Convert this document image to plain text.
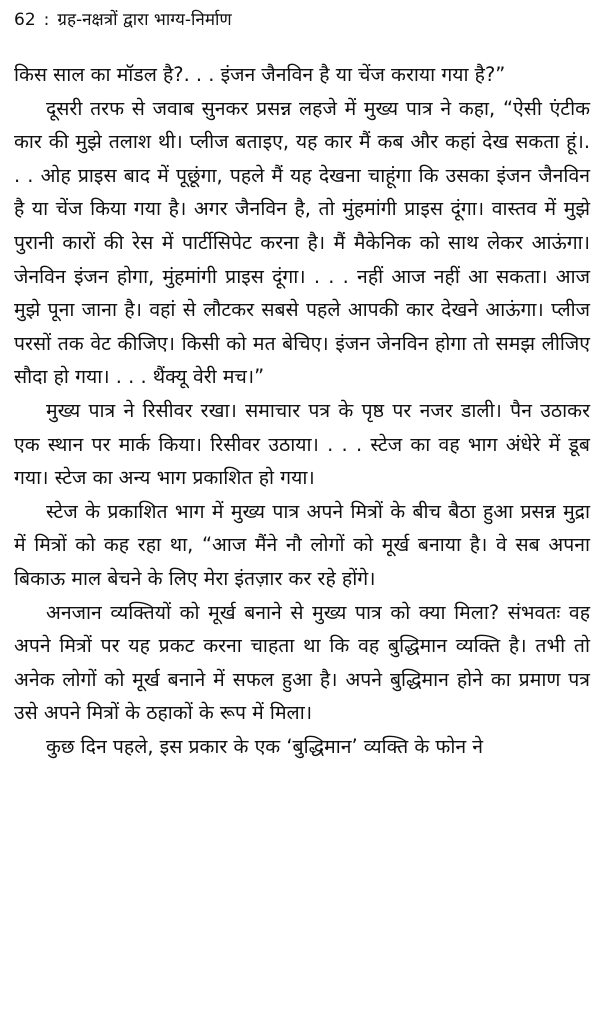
62 : ग्रह-नक्षत्रों द्वारा भाग्य-निर्माण

किस साल का मॉडल है?. . . इंजन जैनविन है या चेंज कराया गया है?”

दूसरी तरफ से जवाब सुनकर प्रसन्न लहजे में मुख्य पात्र ने कहा, “ऐसी एंटीक कार की मुझे तलाश थी। प्लीज बताइए, यह कार मैं कब और कहां देख सकता हूं।. . . ओह प्राइस बाद में पूछूंगा, पहले मैं यह देखना चाहूंगा कि उसका इंजन जैनविन है या चेंज किया गया है। अगर जैनविन है, तो मुंहमांगी प्राइस दूंगा। वास्तव में मुझे पुरानी कारों की रेस में पार्टीसिपेट करना है। मैं मैकेनिक को साथ लेकर आऊंगा। जेनविन इंजन होगा, मुंहमांगी प्राइस दूंगा। . . . नहीं आज नहीं आ सकता। आज मुझे पूना जाना है। वहां से लौटकर सबसे पहले आपकी कार देखने आऊंगा। प्लीज परसों तक वेट कीजिए। किसी को मत बेचिए। इंजन जेनविन होगा तो समझ लीजिए सौदा हो गया। . . . थैंक्यू वेरी मच।”

मुख्य पात्र ने रिसीवर रखा। समाचार पत्र के पृष्ठ पर नजर डाली। पैन उठाकर एक स्थान पर मार्क किया। रिसीवर उठाया। . . . स्टेज का वह भाग अंधेरे में डूब गया। स्टेज का अन्य भाग प्रकाशित हो गया।

स्टेज के प्रकाशित भाग में मुख्य पात्र अपने मित्रों के बीच बैठा हुआ प्रसन्न मुद्रा में मित्रों को कह रहा था, “आज मैंने नौ लोगों को मूर्ख बनाया है। वे सब अपना बिकाऊ माल बेचने के लिए मेरा इंतज़ार कर रहे होंगे।

अनजान व्यक्तियों को मूर्ख बनाने से मुख्य पात्र को क्या मिला? संभवतः वह अपने मित्रों पर यह प्रकट करना चाहता था कि वह बुद्धिमान व्यक्ति है। तभी तो अनेक लोगों को मूर्ख बनाने में सफल हुआ है। अपने बुद्धिमान होने का प्रमाण पत्र उसे अपने मित्रों के ठहाकों के रूप में मिला।

कुछ दिन पहले, इस प्रकार के एक ‘बुद्धिमान’ व्यक्ति के फोन ने
